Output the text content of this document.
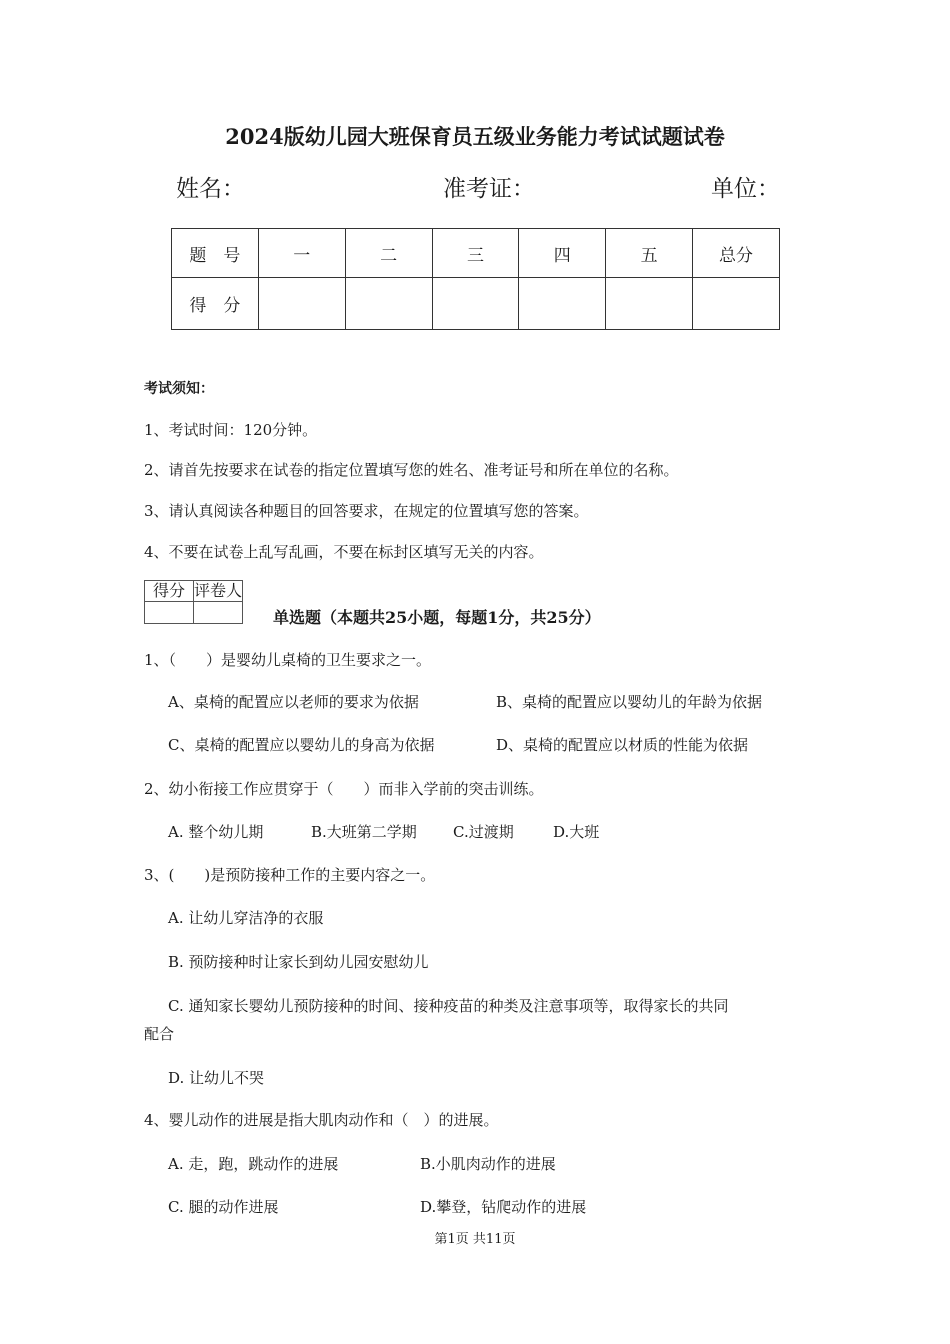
2024版幼儿园大班保育员五级业务能力考试试题试卷
姓名：	准考证：	单位：
题　号	一	二	三	四	五	总分
得　分						
考试须知：
1、考试时间：120分钟。
2、请首先按要求在试卷的指定位置填写您的姓名、准考证号和所在单位的名称。
3、请认真阅读各种题目的回答要求，在规定的位置填写您的答案。
4、不要在试卷上乱写乱画，不要在标封区填写无关的内容。
得分	评卷人

单选题（本题共25小题，每题1分，共25分）
1、（　　）是婴幼儿桌椅的卫生要求之一。
A、桌椅的配置应以老师的要求为依据	B、桌椅的配置应以婴幼儿的年龄为依据
C、桌椅的配置应以婴幼儿的身高为依据	D、桌椅的配置应以材质的性能为依据
2、幼小衔接工作应贯穿于（　　）而非入学前的突击训练。
A. 整个幼儿期	B.大班第二学期 C.过渡期	D.大班
3、(　　)是预防接种工作的主要内容之一。
A. 让幼儿穿洁净的衣服
B. 预防接种时让家长到幼儿园安慰幼儿
C. 通知家长婴幼儿预防接种的时间、接种疫苗的种类及注意事项等，取得家长的共同
配合
D. 让幼儿不哭
4、婴儿动作的进展是指大肌肉动作和（　）的进展。
A. 走，跑，跳动作的进展	B.小肌肉动作的进展
C. 腿的动作进展	D.攀登，钻爬动作的进展
第1页 共11页
